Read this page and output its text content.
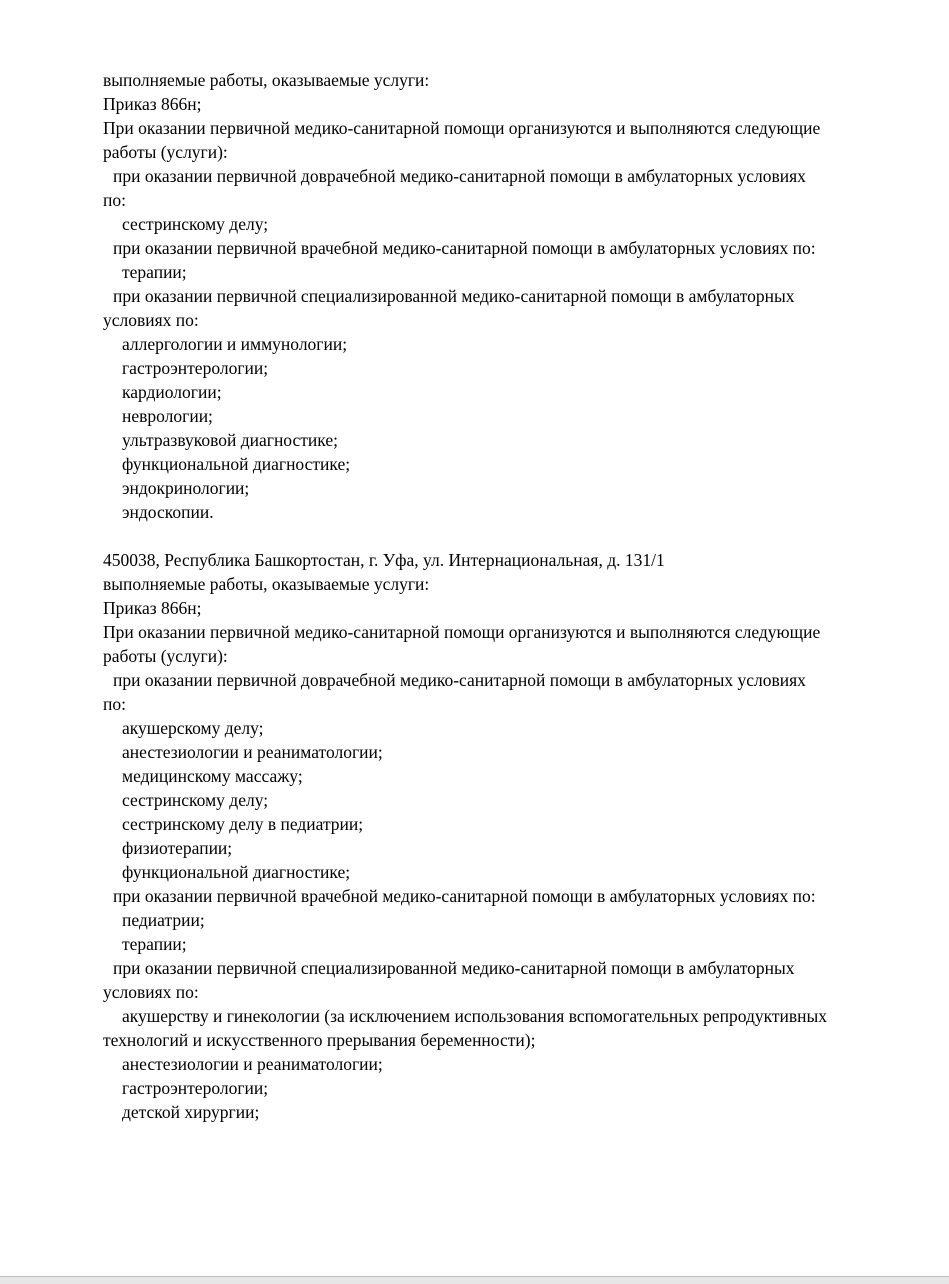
выполняемые работы, оказываемые услуги:
Приказ 866н;
При оказании первичной медико-санитарной помощи организуются и выполняются следующие
работы (услуги):
при оказании первичной доврачебной медико-санитарной помощи в амбулаторных условиях
по:
сестринскому делу;
при оказании первичной врачебной медико-санитарной помощи в амбулаторных условиях по:
терапии;
при оказании первичной специализированной медико-санитарной помощи в амбулаторных
условиях по:
аллергологии и иммунологии;
гастроэнтерологии;
кардиологии;
неврологии;
ультразвуковой диагностике;
функциональной диагностике;
эндокринологии;
эндоскопии.
450038, Республика Башкортостан, г. Уфа, ул. Интернациональная, д. 131/1
выполняемые работы, оказываемые услуги:
Приказ 866н;
При оказании первичной медико-санитарной помощи организуются и выполняются следующие
работы (услуги):
при оказании первичной доврачебной медико-санитарной помощи в амбулаторных условиях
по:
акушерскому делу;
анестезиологии и реаниматологии;
медицинскому массажу;
сестринскому делу;
сестринскому делу в педиатрии;
физиотерапии;
функциональной диагностике;
при оказании первичной врачебной медико-санитарной помощи в амбулаторных условиях по:
педиатрии;
терапии;
при оказании первичной специализированной медико-санитарной помощи в амбулаторных
условиях по:
акушерству и гинекологии (за исключением использования вспомогательных репродуктивных
технологий и искусственного прерывания беременности);
анестезиологии и реаниматологии;
гастроэнтерологии;
детской хирургии;
